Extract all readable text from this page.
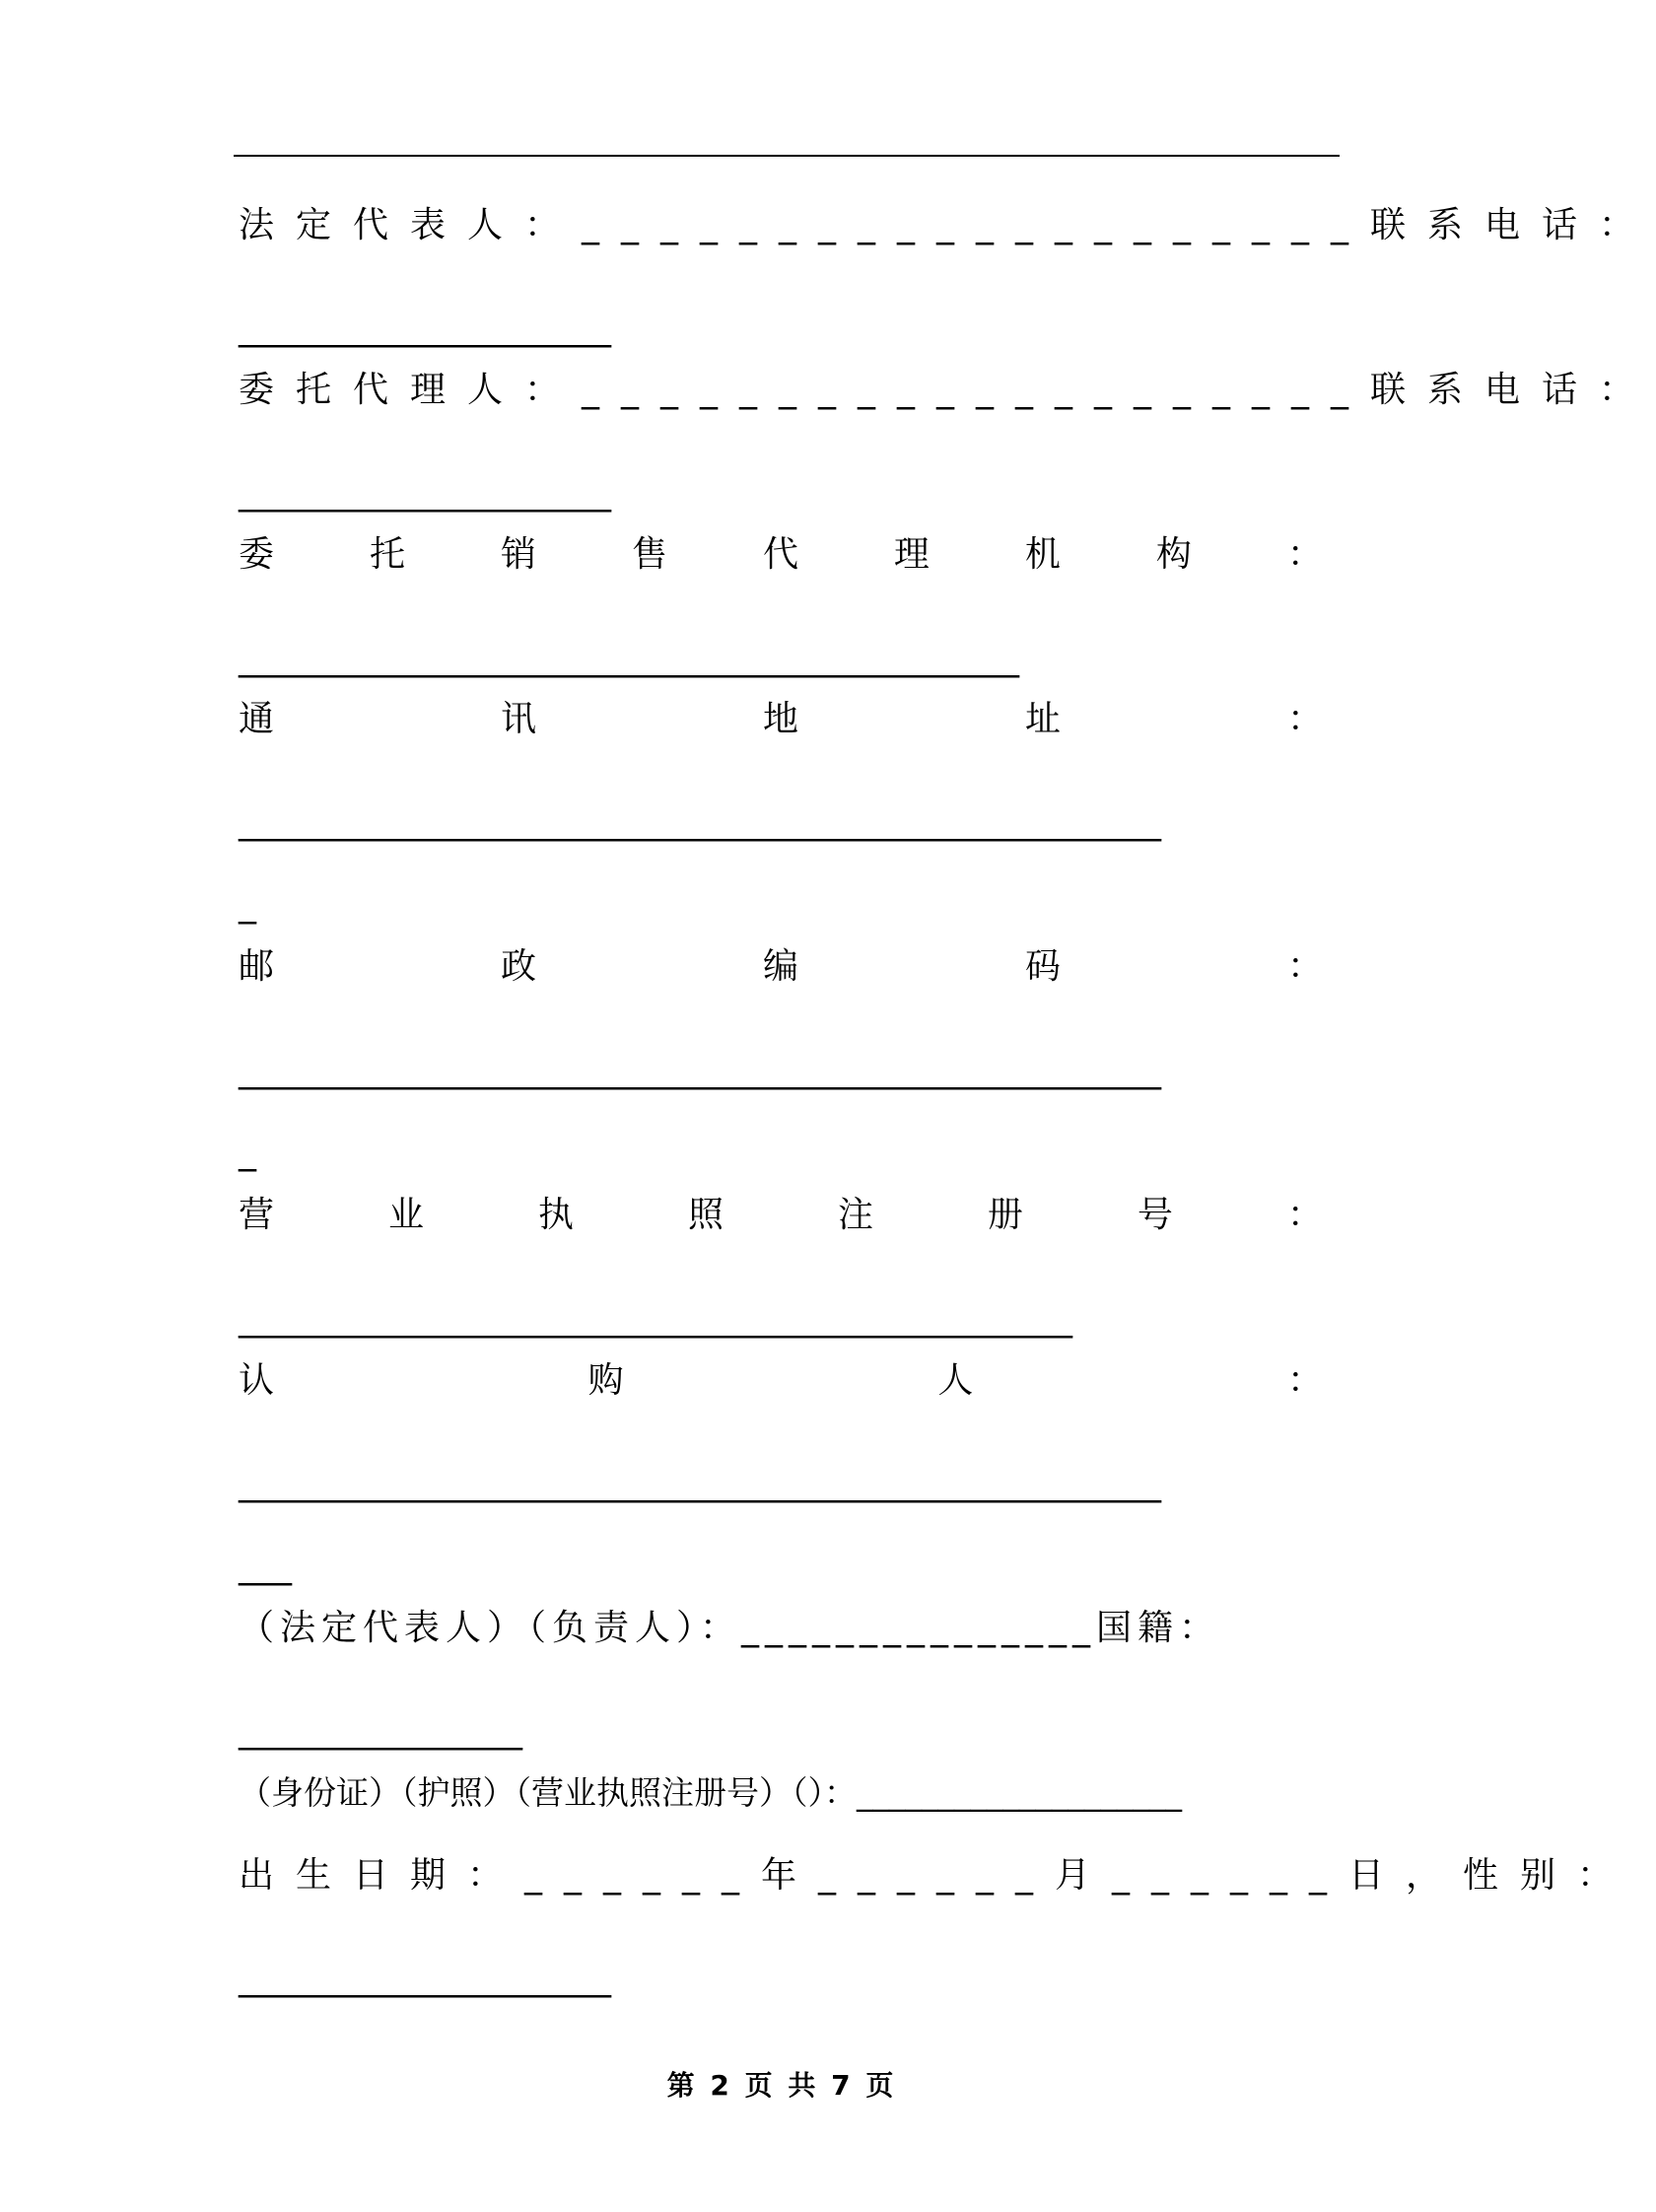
法定代表人：____________________联系电话：
_____________________
委托代理人：____________________联系电话：
_____________________
委	托	销	售	代	理	机	构	：
____________________________________________
通	讯	地	址	：
____________________________________________________
_
邮	政	编	码	：
____________________________________________________
_
营	业	执	照	注	册	号	：
_______________________________________________
认	购	人	：
____________________________________________________
___
（法定代表人）（负责人）：_______________国籍：
________________
（身份证）（护照）（营业执照注册号）（）：____________________
出生日期：______年______月______日，性别：
_____________________
第 2 页 共 7 页
